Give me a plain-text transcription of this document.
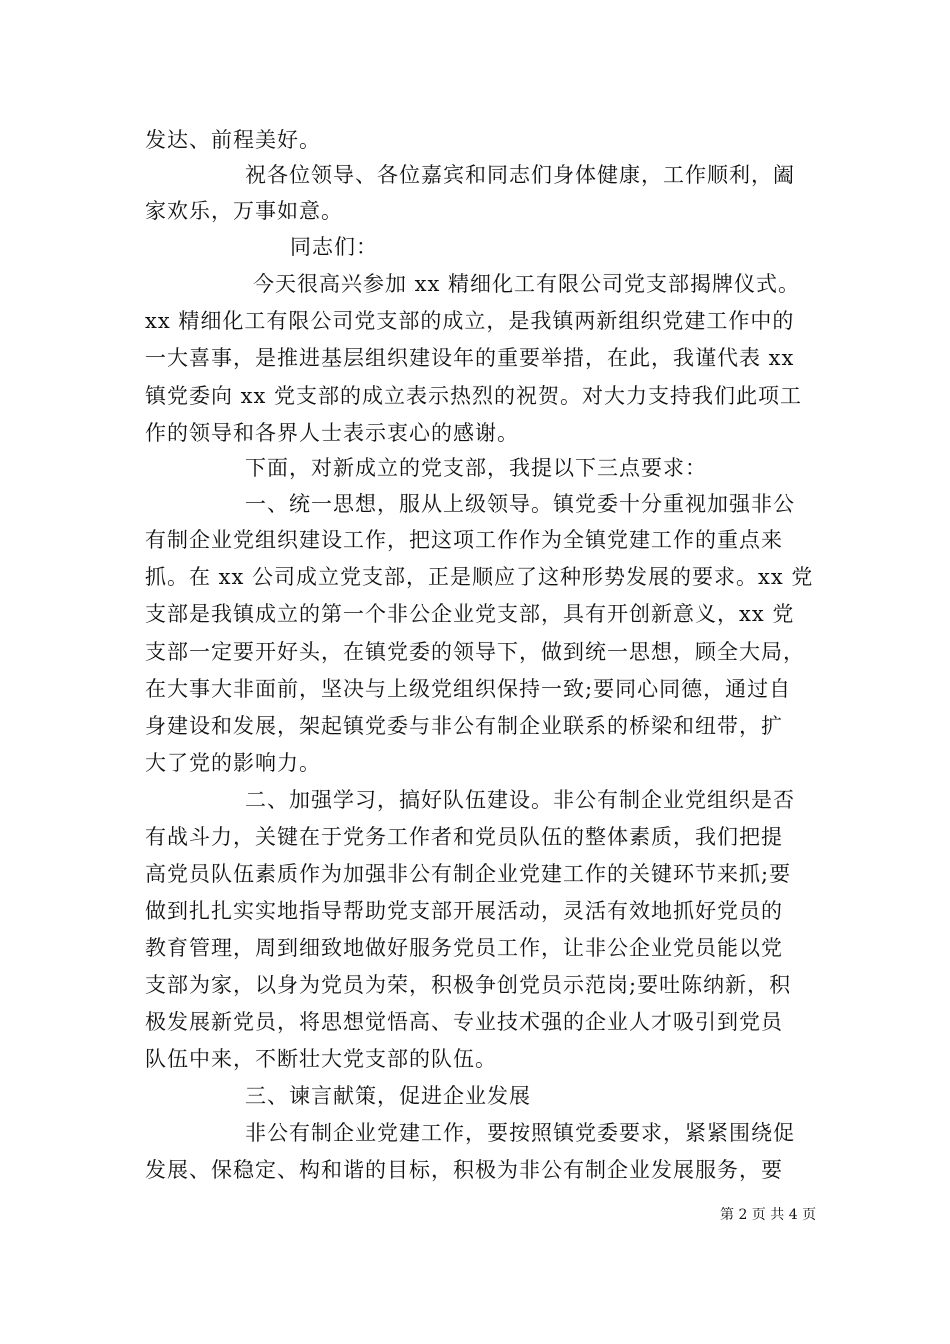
发达、前程美好。
祝各位领导、各位嘉宾和同志们身体健康，工作顺利，阖
家欢乐，万事如意。
同志们：
今天很高兴参加 xx 精细化工有限公司党支部揭牌仪式。
xx 精细化工有限公司党支部的成立，是我镇两新组织党建工作中的
一大喜事，是推进基层组织建设年的重要举措，在此，我谨代表 xx
镇党委向 xx 党支部的成立表示热烈的祝贺。对大力支持我们此项工
作的领导和各界人士表示衷心的感谢。
下面，对新成立的党支部，我提以下三点要求：
一、统一思想，服从上级领导。镇党委十分重视加强非公
有制企业党组织建设工作，把这项工作作为全镇党建工作的重点来
抓。在 xx 公司成立党支部，正是顺应了这种形势发展的要求。xx 党
支部是我镇成立的第一个非公企业党支部，具有开创新意义，xx 党
支部一定要开好头，在镇党委的领导下，做到统一思想，顾全大局，
在大事大非面前，坚决与上级党组织保持一致;要同心同德，通过自
身建设和发展，架起镇党委与非公有制企业联系的桥梁和纽带，扩
大了党的影响力。
二、加强学习，搞好队伍建设。非公有制企业党组织是否
有战斗力，关键在于党务工作者和党员队伍的整体素质，我们把提
高党员队伍素质作为加强非公有制企业党建工作的关键环节来抓;要
做到扎扎实实地指导帮助党支部开展活动，灵活有效地抓好党员的
教育管理，周到细致地做好服务党员工作，让非公企业党员能以党
支部为家，以身为党员为荣，积极争创党员示范岗;要吐陈纳新，积
极发展新党员，将思想觉悟高、专业技术强的企业人才吸引到党员
队伍中来，不断壮大党支部的队伍。
三、谏言献策，促进企业发展
非公有制企业党建工作，要按照镇党委要求，紧紧围绕促
发展、保稳定、构和谐的目标，积极为非公有制企业发展服务，要
第 2 页 共 4 页
